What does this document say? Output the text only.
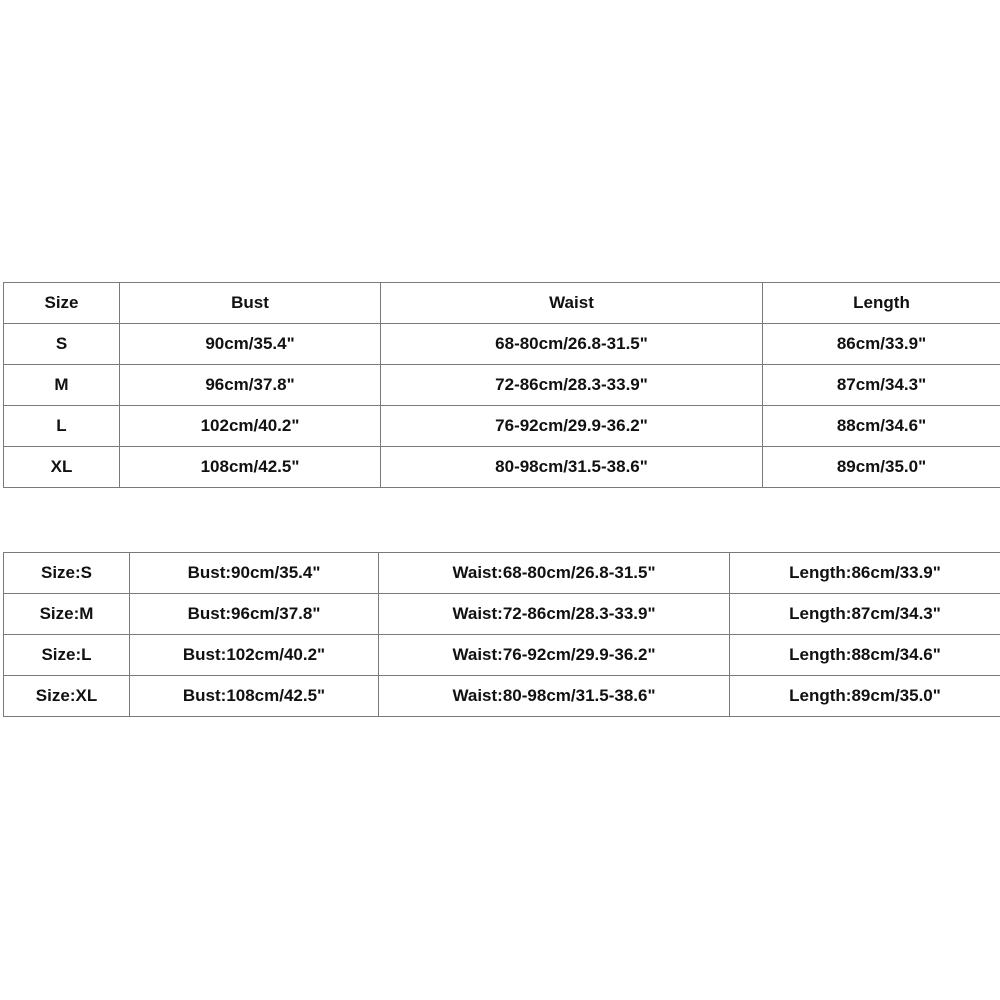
Size	Bust	Waist	Length
S	90cm/35.4"	68-80cm/26.8-31.5"	86cm/33.9"
M	96cm/37.8"	72-86cm/28.3-33.9"	87cm/34.3"
L	102cm/40.2"	76-92cm/29.9-36.2"	88cm/34.6"
XL	108cm/42.5"	80-98cm/31.5-38.6"	89cm/35.0"
Size:S	Bust:90cm/35.4"	Waist:68-80cm/26.8-31.5"	Length:86cm/33.9"
Size:M	Bust:96cm/37.8"	Waist:72-86cm/28.3-33.9"	Length:87cm/34.3"
Size:L	Bust:102cm/40.2"	Waist:76-92cm/29.9-36.2"	Length:88cm/34.6"
Size:XL	Bust:108cm/42.5"	Waist:80-98cm/31.5-38.6"	Length:89cm/35.0"
